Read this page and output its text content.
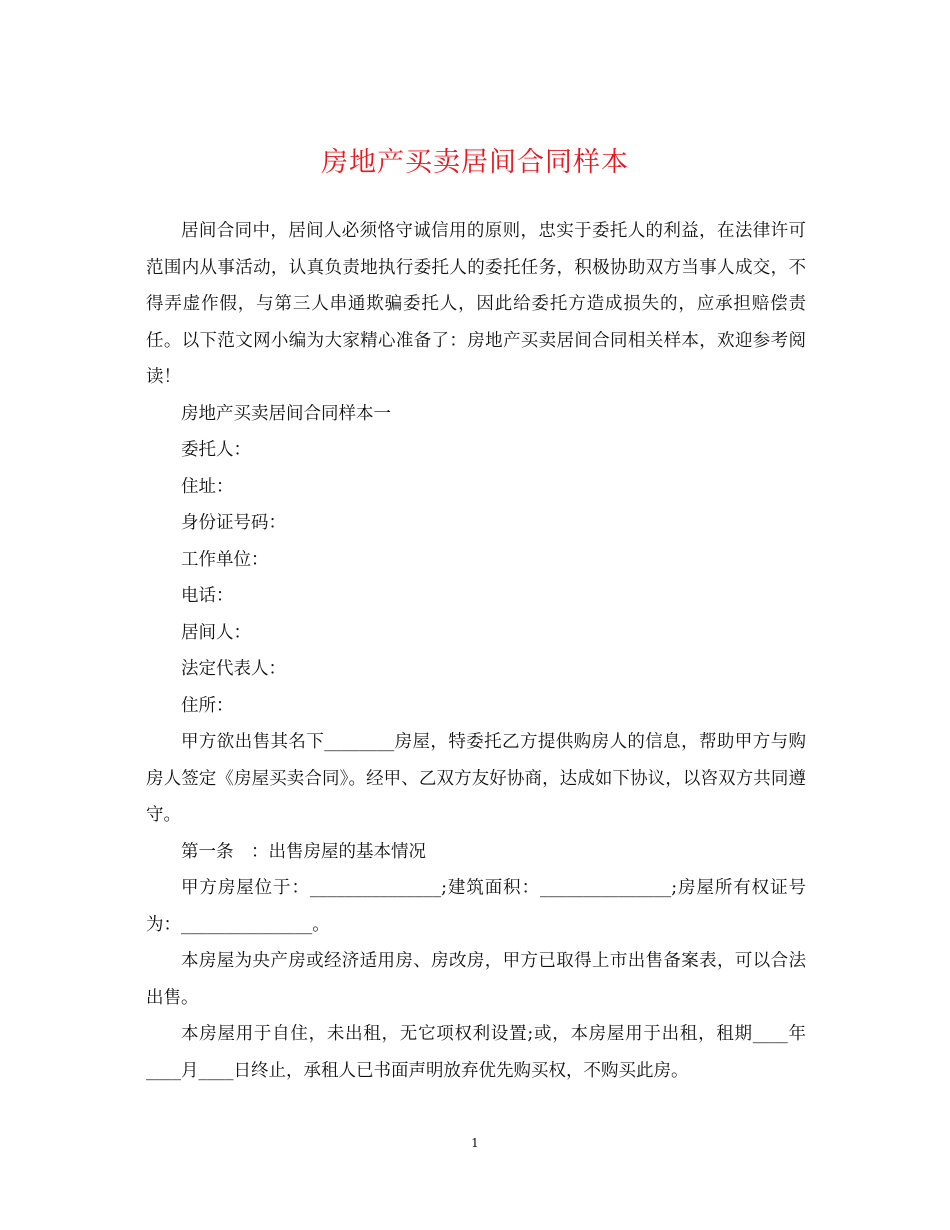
房地产买卖居间合同样本

居间合同中，居间人必须恪守诚信用的原则，忠实于委托人的利益，在法律许可范围内从事活动，认真负责地执行委托人的委托任务，积极协助双方当事人成交，不得弄虚作假，与第三人串通欺骗委托人，因此给委托方造成损失的，应承担赔偿责任。以下范文网小编为大家精心准备了：房地产买卖居间合同相关样本，欢迎参考阅读！

房地产买卖居间合同样本一

委托人：

住址：

身份证号码：

工作单位：

电话：

居间人：

法定代表人：

住所：

甲方欲出售其名下________房屋，特委托乙方提供购房人的信息，帮助甲方与购房人签定《房屋买卖合同》。经甲、乙双方友好协商，达成如下协议，以咨双方共同遵守。

第一条　：出售房屋的基本情况

甲方房屋位于：_______________;建筑面积：_______________;房屋所有权证号为：_______________。

本房屋为央产房或经济适用房、房改房，甲方已取得上市出售备案表，可以合法出售。

本房屋用于自住，未出租，无它项权利设置;或，本房屋用于出租，租期____年____月____日终止，承租人已书面声明放弃优先购买权，不购买此房。

1
